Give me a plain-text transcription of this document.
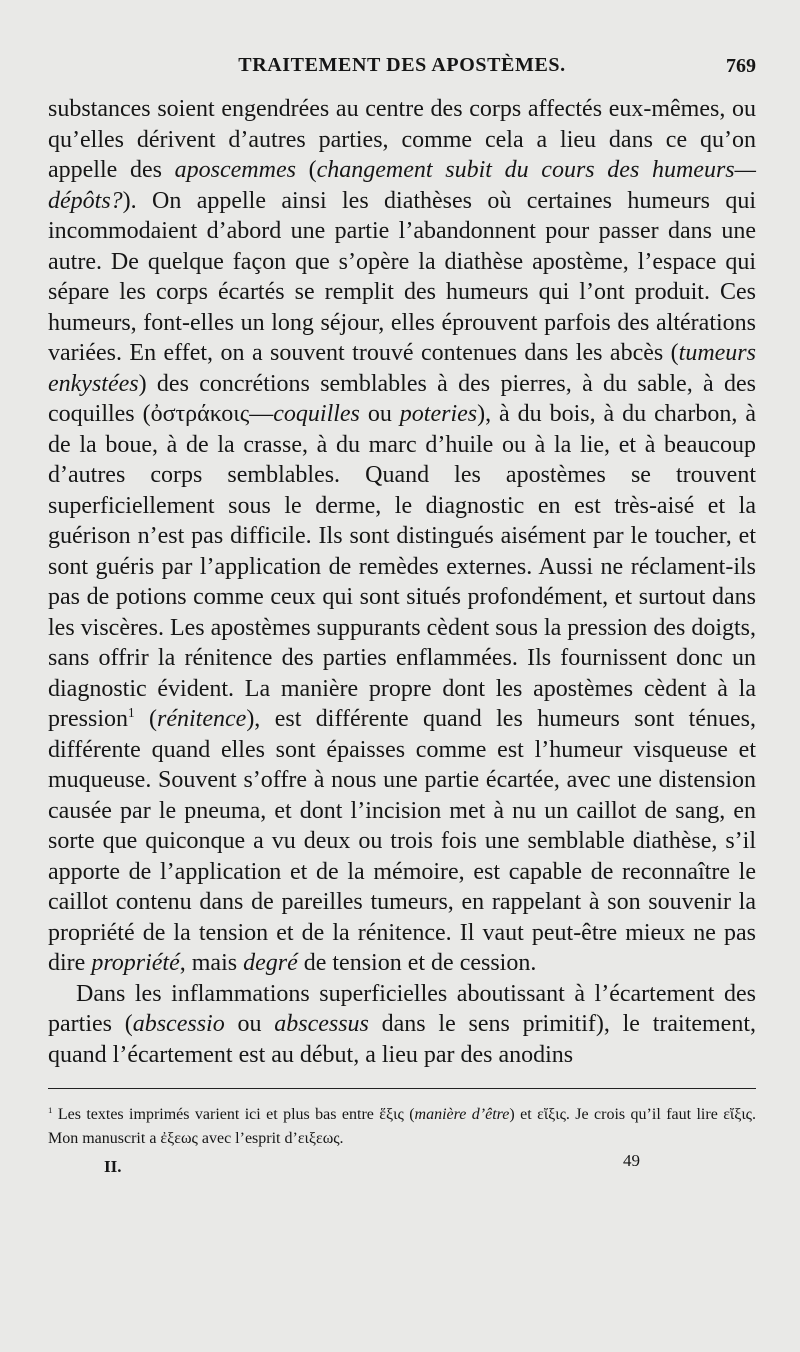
TRAITEMENT DES APOSTÈMES.	769

substances soient engendrées au centre des corps affectés eux-mêmes, ou qu’elles dérivent d’autres parties, comme cela a lieu dans ce qu’on appelle des aposcemmes (changement subit du cours des humeurs—dépôts?). On appelle ainsi les diathèses où certaines humeurs qui incommodaient d’abord une partie l’abandonnent pour passer dans une autre. De quelque façon que s’opère la diathèse apostème, l’espace qui sépare les corps écartés se remplit des humeurs qui l’ont produit. Ces humeurs, font-elles un long séjour, elles éprouvent parfois des altérations variées. En effet, on a souvent trouvé contenues dans les abcès (tumeurs enkystées) des concrétions semblables à des pierres, à du sable, à des coquilles (ὀστράκοις—coquilles ou poteries), à du bois, à du charbon, à de la boue, à de la crasse, à du marc d’huile ou à la lie, et à beaucoup d’autres corps semblables. Quand les apostèmes se trouvent superficiellement sous le derme, le diagnostic en est très-aisé et la guérison n’est pas difficile. Ils sont distingués aisément par le toucher, et sont guéris par l’application de remèdes externes. Aussi ne réclament-ils pas de potions comme ceux qui sont situés profondément, et surtout dans les viscères. Les apostèmes suppurants cèdent sous la pression des doigts, sans offrir la rénitence des parties enflammées. Ils fournissent donc un diagnostic évident. La manière propre dont les apostèmes cèdent à la pression$^1$ (rénitence), est différente quand les humeurs sont ténues, différente quand elles sont épaisses comme est l’humeur visqueuse et muqueuse. Souvent s’offre à nous une partie écartée, avec une distension causée par le pneuma, et dont l’incision met à nu un caillot de sang, en sorte que quiconque a vu deux ou trois fois une semblable diathèse, s’il apporte de l’application et de la mémoire, est capable de reconnaître le caillot contenu dans de pareilles tumeurs, en rappelant à son souvenir la propriété de la tension et de la rénitence. Il vaut peut-être mieux ne pas dire propriété, mais degré de tension et de cession.

Dans les inflammations superficielles aboutissant à l’écartement des parties (abscessio ou abscessus dans le sens primitif), le traitement, quand l’écartement est au début, a lieu par des anodins

$^1$ Les textes imprimés varient ici et plus bas entre ἕξις (manière d’être) et εἴξις. Je crois qu’il faut lire εἴξις. Mon manuscrit a ἐξεως avec l’esprit d’ειξεως.

II.	49
